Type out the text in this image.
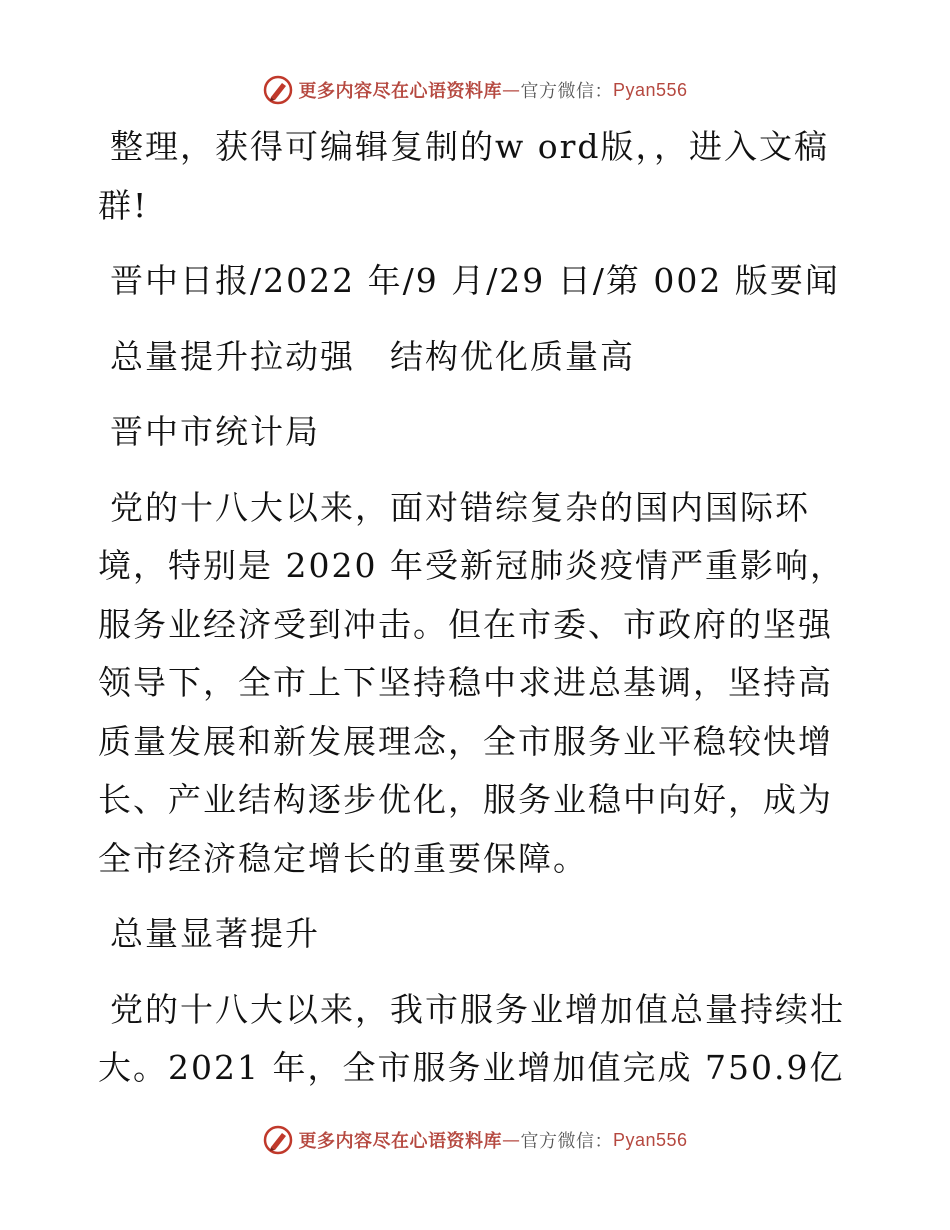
更多内容尽在心语资料库 — 官方微信： Pyan556

整理，获得可编辑复制的w ord版，，进入文稿群!

晋中日报/2022 年/9 月/29 日/第 002 版要闻

总量提升拉动强　结构优化质量高

晋中市统计局

党的十八大以来，面对错综复杂的国内国际环境，特别是 2020 年受新冠肺炎疫情严重影响，服务业经济受到冲击。但在市委、市政府的坚强领导下，全市上下坚持稳中求进总基调，坚持高质量发展和新发展理念，全市服务业平稳较快增长、产业结构逐步优化，服务业稳中向好，成为全市经济稳定增长的重要保障。

总量显著提升

党的十八大以来，我市服务业增加值总量持续壮大。2021 年，全市服务业增加值完成 750.9亿

更多内容尽在心语资料库 — 官方微信： Pyan556
